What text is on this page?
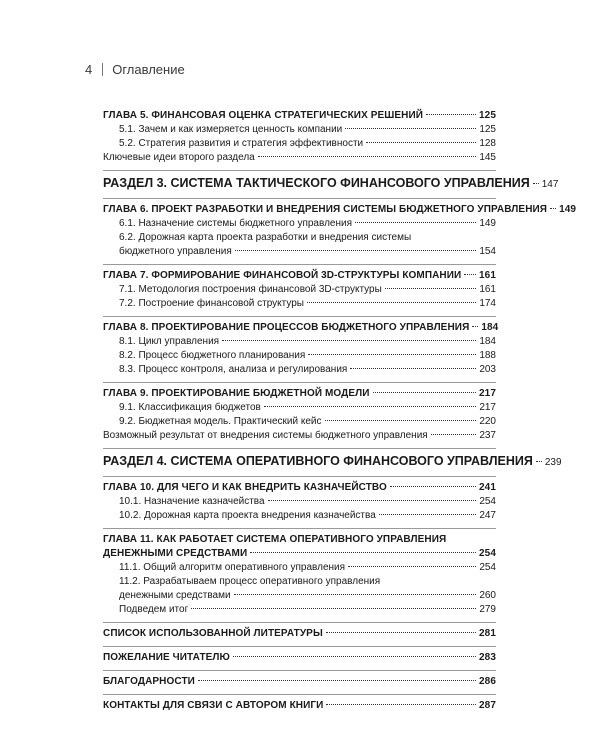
4 Оглавление
ГЛАВА 5. ФИНАНСОВАЯ ОЦЕНКА СТРАТЕГИЧЕСКИХ РЕШЕНИЙ	125
5.1. Зачем и как измеряется ценность компании	125
5.2. Стратегия развития и стратегия эффективности	128
Ключевые идеи второго раздела	145
РАЗДЕЛ 3. СИСТЕМА ТАКТИЧЕСКОГО ФИНАНСОВОГО УПРАВЛЕНИЯ 147
ГЛАВА 6. ПРОЕКТ РАЗРАБОТКИ И ВНЕДРЕНИЯ СИСТЕМЫ БЮДЖЕТНОГО УПРАВЛЕНИЯ 149
6.1. Назначение системы бюджетного управления	149
6.2. Дорожная карта проекта разработки и внедрения системы
бюджетного управления	154
ГЛАВА 7. ФОРМИРОВАНИЕ ФИНАНСОВОЙ 3D-СТРУКТУРЫ КОМПАНИИ 161
7.1. Методология построения финансовой 3D-структуры	161
7.2. Построение финансовой структуры	174
ГЛАВА 8. ПРОЕКТИРОВАНИЕ ПРОЦЕССОВ БЮДЖЕТНОГО УПРАВЛЕНИЯ 184
8.1. Цикл управления	184
8.2. Процесс бюджетного планирования	188
8.3. Процесс контроля, анализа и регулирования	203
ГЛАВА 9. ПРОЕКТИРОВАНИЕ БЮДЖЕТНОЙ МОДЕЛИ	217
9.1. Классификация бюджетов	217
9.2. Бюджетная модель. Практический кейс	220
Возможный результат от внедрения системы бюджетного управления	237
РАЗДЕЛ 4. СИСТЕМА ОПЕРАТИВНОГО ФИНАНСОВОГО УПРАВЛЕНИЯ 239
ГЛАВА 10. ДЛЯ ЧЕГО И КАК ВНЕДРИТЬ КАЗНАЧЕЙСТВО	241
10.1. Назначение казначейства	254
10.2. Дорожная карта проекта внедрения казначейства	247
ГЛАВА 11. КАК РАБОТАЕТ СИСТЕМА ОПЕРАТИВНОГО УПРАВЛЕНИЯ
ДЕНЕЖНЫМИ СРЕДСТВАМИ	254
11.1. Общий алгоритм оперативного управления	254
11.2. Разрабатываем процесс оперативного управления
денежными средствами	260
Подведем итог	279
СПИСОК ИСПОЛЬЗОВАННОЙ ЛИТЕРАТУРЫ	281
ПОЖЕЛАНИЕ ЧИТАТЕЛЮ	283
БЛАГОДАРНОСТИ	286
КОНТАКТЫ ДЛЯ СВЯЗИ С АВТОРОМ КНИГИ	287
